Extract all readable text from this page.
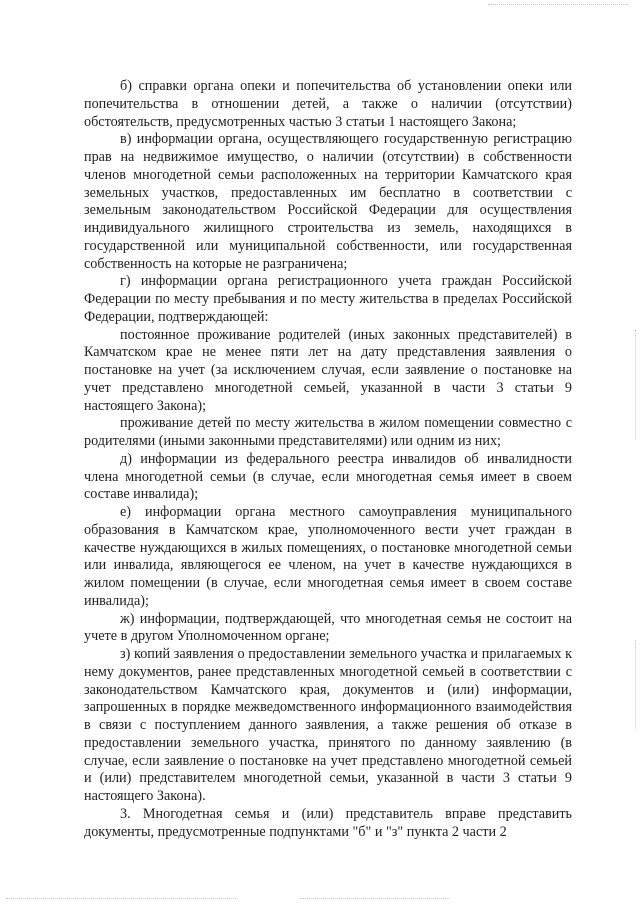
б) справки органа опеки и попечительства об установлении опеки или попечительства в отношении детей, а также о наличии (отсутствии) обстоятельств, предусмотренных частью 3 статьи 1 настоящего Закона;

в) информации органа, осуществляющего государственную регистрацию прав на недвижимое имущество, о наличии (отсутствии) в собственности членов многодетной семьи расположенных на территории Камчатского края земельных участков, предоставленных им бесплатно в соответствии с земельным законодательством Российской Федерации для осуществления индивидуального жилищного строительства из земель, находящихся в государственной или муниципальной собственности, или государственная собственность на которые не разграничена;

г) информации органа регистрационного учета граждан Российской Федерации по месту пребывания и по месту жительства в пределах Российской Федерации, подтверждающей:

постоянное проживание родителей (иных законных представителей) в Камчатском крае не менее пяти лет на дату представления заявления о постановке на учет (за исключением случая, если заявление о постановке на учет представлено многодетной семьей, указанной в части 3 статьи 9 настоящего Закона);

проживание детей по месту жительства в жилом помещении совместно с родителями (иными законными представителями) или одним из них;

д) информации из федерального реестра инвалидов об инвалидности члена многодетной семьи (в случае, если многодетная семья имеет в своем составе инвалида);

е) информации органа местного самоуправления муниципального образования в Камчатском крае, уполномоченного вести учет граждан в качестве нуждающихся в жилых помещениях, о постановке многодетной семьи или инвалида, являющегося ее членом, на учет в качестве нуждающихся в жилом помещении (в случае, если многодетная семья имеет в своем составе инвалида);

ж) информации, подтверждающей, что многодетная семья не состоит на учете в другом Уполномоченном органе;

з) копий заявления о предоставлении земельного участка и прилагаемых к нему документов, ранее представленных многодетной семьей в соответствии с законодательством Камчатского края, документов и (или) информации, запрошенных в порядке межведомственного информационного взаимодействия в связи с поступлением данного заявления, а также решения об отказе в предоставлении земельного участка, принятого по данному заявлению (в случае, если заявление о постановке на учет представлено многодетной семьей и (или) представителем многодетной семьи, указанной в части 3 статьи 9 настоящего Закона).

3. Многодетная семья и (или) представитель вправе представить документы, предусмотренные подпунктами "б" и "з" пункта 2 части 2
